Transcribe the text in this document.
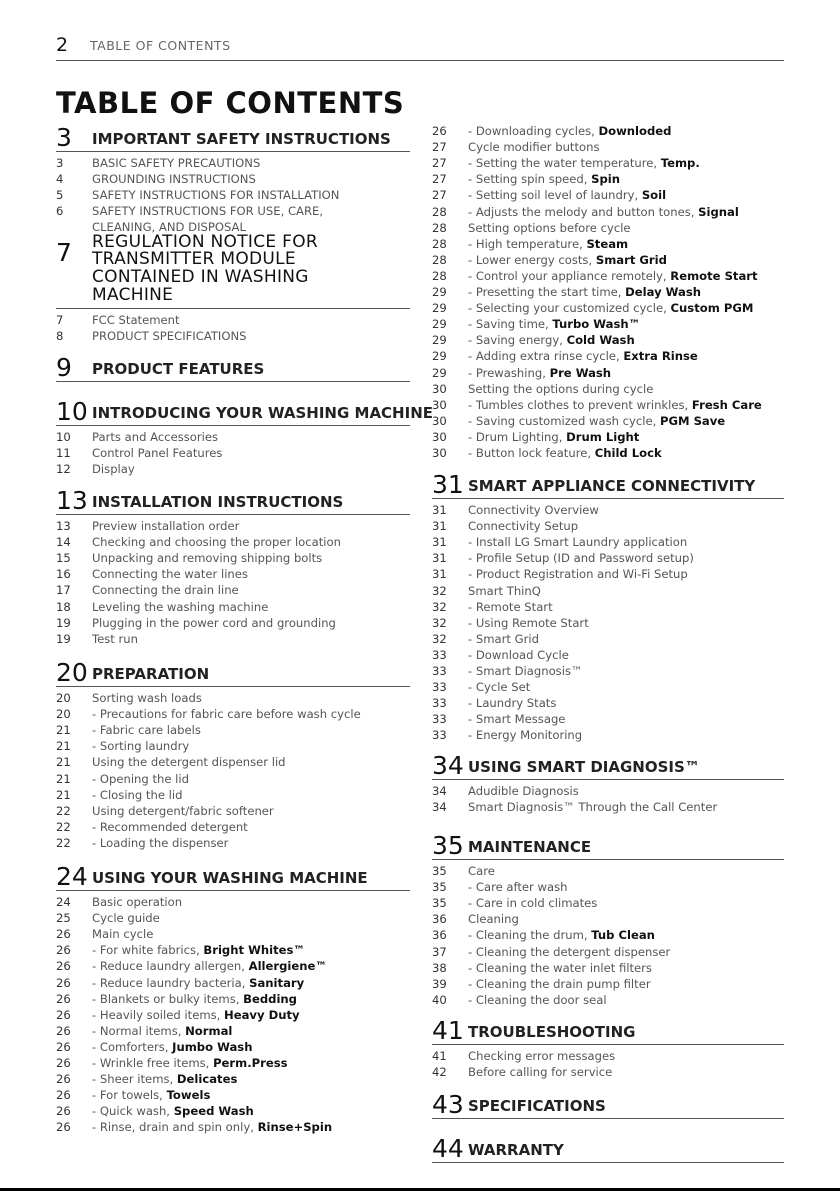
2 TABLE OF CONTENTS
TABLE OF CONTENTS
3 IMPORTANT SAFETY INSTRUCTIONS
3 BASIC SAFETY PRECAUTIONS
4 GROUNDING INSTRUCTIONS
5 SAFETY INSTRUCTIONS FOR INSTALLATION
6 SAFETY INSTRUCTIONS FOR USE, CARE,
CLEANING, AND DISPOSAL
7 REGULATION NOTICE FOR TRANSMITTER MODULE CONTAINED IN WASHING MACHINE
7 FCC Statement
8 PRODUCT SPECIFICATIONS
9 PRODUCT FEATURES
10 INTRODUCING YOUR WASHING MACHINE
10 Parts and Accessories
11 Control Panel Features
12 Display
13 INSTALLATION INSTRUCTIONS
13 Preview installation order
14 Checking and choosing the proper location
15 Unpacking and removing shipping bolts
16 Connecting the water lines
17 Connecting the drain line
18 Leveling the washing machine
19 Plugging in the power cord and grounding
19 Test run
20 PREPARATION
20 Sorting wash loads
20 - Precautions for fabric care before wash cycle
21 - Fabric care labels
21 - Sorting laundry
21 Using the detergent dispenser lid
21 - Opening the lid
21 - Closing the lid
22 Using detergent/fabric softener
22 - Recommended detergent
22 - Loading the dispenser
24 USING YOUR WASHING MACHINE
24 Basic operation
25 Cycle guide
26 Main cycle
26 - For white fabrics, Bright Whites™
26 - Reduce laundry allergen, Allergiene™
26 - Reduce laundry bacteria, Sanitary
26 - Blankets or bulky items, Bedding
26 - Heavily soiled items, Heavy Duty
26 - Normal items, Normal
26 - Comforters, Jumbo Wash
26 - Wrinkle free items, Perm.Press
26 - Sheer items, Delicates
26 - For towels, Towels
26 - Quick wash, Speed Wash
26 - Rinse, drain and spin only, Rinse+Spin
26 - Downloading cycles, Downloded
27 Cycle modifier buttons
27 - Setting the water temperature, Temp.
27 - Setting spin speed, Spin
27 - Setting soil level of laundry, Soil
28 - Adjusts the melody and button tones, Signal
28 Setting options before cycle
28 - High temperature, Steam
28 - Lower energy costs, Smart Grid
28 - Control your appliance remotely, Remote Start
29 - Presetting the start time, Delay Wash
29 - Selecting your customized cycle, Custom PGM
29 - Saving time, Turbo Wash™
29 - Saving energy, Cold Wash
29 - Adding extra rinse cycle, Extra Rinse
29 - Prewashing, Pre Wash
30 Setting the options during cycle
30 - Tumbles clothes to prevent wrinkles, Fresh Care
30 - Saving customized wash cycle, PGM Save
30 - Drum Lighting, Drum Light
30 - Button lock feature, Child Lock
31 SMART APPLIANCE CONNECTIVITY
31 Connectivity Overview
31 Connectivity Setup
31 - Install LG Smart Laundry application
31 - Profile Setup (ID and Password setup)
31 - Product Registration and Wi-Fi Setup
32 Smart ThinQ
32 - Remote Start
32 - Using Remote Start
32 - Smart Grid
33 - Download Cycle
33 - Smart Diagnosis™
33 - Cycle Set
33 - Laundry Stats
33 - Smart Message
33 - Energy Monitoring
34 USING SMART DIAGNOSIS™
34 Adudible Diagnosis
34 Smart Diagnosis™ Through the Call Center
35 MAINTENANCE
35 Care
35 - Care after wash
35 - Care in cold climates
36 Cleaning
36 - Cleaning the drum, Tub Clean
37 - Cleaning the detergent dispenser
38 - Cleaning the water inlet filters
39 - Cleaning the drain pump filter
40 - Cleaning the door seal
41 TROUBLESHOOTING
41 Checking error messages
42 Before calling for service
43 SPECIFICATIONS
44 WARRANTY
